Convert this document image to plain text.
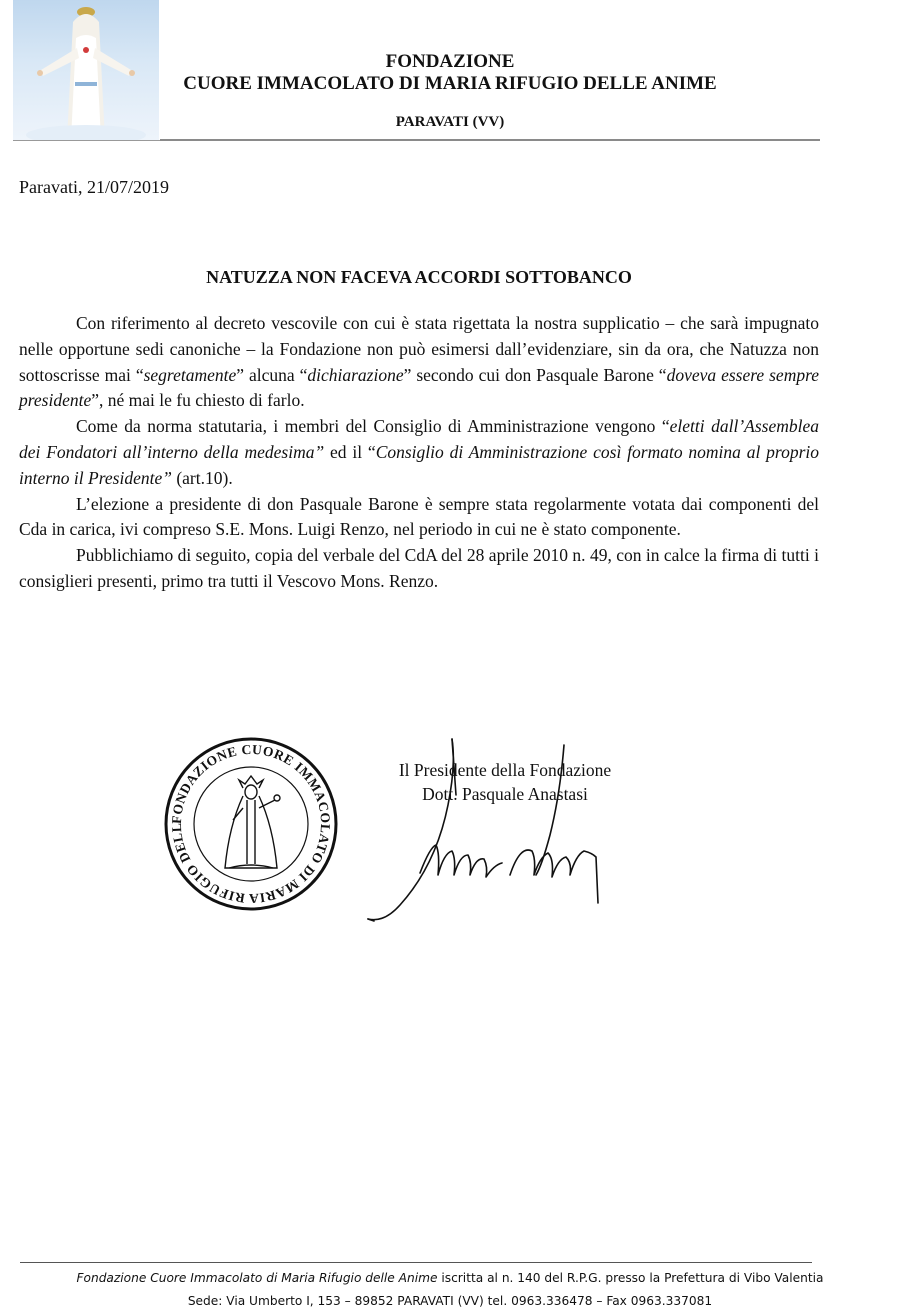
FONDAZIONE
CUORE IMMACOLATO DI MARIA RIFUGIO DELLE ANIME
PARAVATI (VV)
Paravati, 21/07/2019
NATUZZA NON FACEVA ACCORDI SOTTOBANCO

Con riferimento al decreto vescovile con cui è stata rigettata la nostra supplicatio – che sarà impugnato nelle opportune sedi canoniche – la Fondazione non può esimersi dall’evidenziare, sin da ora, che Natuzza non sottoscrisse mai “segretamente” alcuna “dichiarazione” secondo cui don Pasquale Barone “doveva essere sempre presidente”, né mai le fu chiesto di farlo.

Come da norma statutaria, i membri del Consiglio di Amministrazione vengono “eletti dall’Assemblea dei Fondatori all’interno della medesima” ed il “Consiglio di Amministrazione così formato nomina al proprio interno il Presidente” (art.10).

L’elezione a presidente di don Pasquale Barone è sempre stata regolarmente votata dai componenti del Cda in carica, ivi compreso S.E. Mons. Luigi Renzo, nel periodo in cui ne è stato componente.

Pubblichiamo di seguito, copia del verbale del CdA del 28 aprile 2010 n. 49, con in calce la firma di tutti i consiglieri presenti, primo tra tutti il Vescovo Mons. Renzo.

FONDAZIONE CUORE IMMACOLATO DI MARIA RIFUGIO DELL
Il Presidente della Fondazione
Dott. Pasquale Anastasi
Fondazione Cuore Immacolato di Maria Rifugio delle Anime iscritta al n. 140 del R.P.G. presso la Prefettura di Vibo Valentia
Sede: Via Umberto I, 153 – 89852 PARAVATI (VV) tel. 0963.336478 – Fax 0963.337081
